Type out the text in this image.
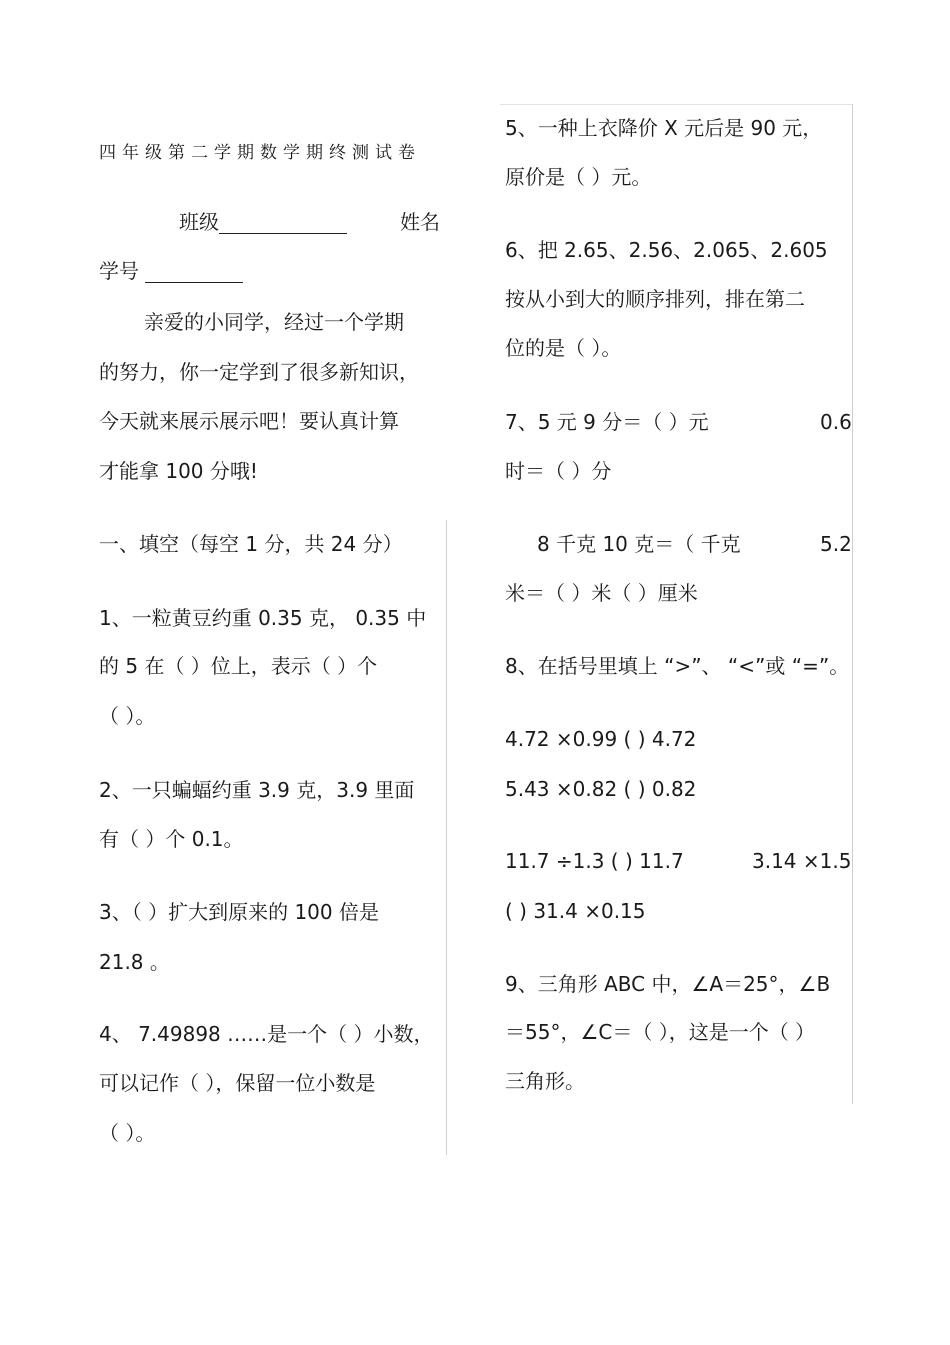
四年级第二学期数学期终测试卷
班级	姓名
学号
亲爱的小同学，经过一个学期
的努力，你一定学到了很多新知识，
今天就来展示展示吧！要认真计算
才能拿 100 分哦!
一、填空（每空 1 分，共 24 分）
1、一粒黄豆约重 0.35 克， 0.35 中
的 5 在（ ）位上，表示（ ）个
（ ）。
2、一只蝙蝠约重 3.9 克，3.9 里面
有（ ）个 0.1。
3、（ ）扩大到原来的 100 倍是
21.8 。
4、 7.49898 ……是一个（ ）小数，
可以记作（ ），保留一位小数是
（ ）。
5、一种上衣降价 X 元后是 90 元，
原价是（ ）元。
6、把 2.65、2.56、2.065、2.605
按从小到大的顺序排列，排在第二
位的是（ ）。
7、5 元 9 分＝（ ）元	0.6
时＝（ ）分
8 千克 10 克＝（ 千克	5.2
米＝（ ）米（ ）厘米
8、在括号里填上 “>”、 “<”或 “=”。
4.72 ×0.99 ( ) 4.72
5.43 ×0.82 ( ) 0.82
11.7 ÷1.3 ( ) 11.7	3.14 ×1.5
( ) 31.4 ×0.15
9、三角形 ABC 中，∠A＝25°，∠B
＝55°，∠C＝（ ），这是一个（ ）
三角形。
